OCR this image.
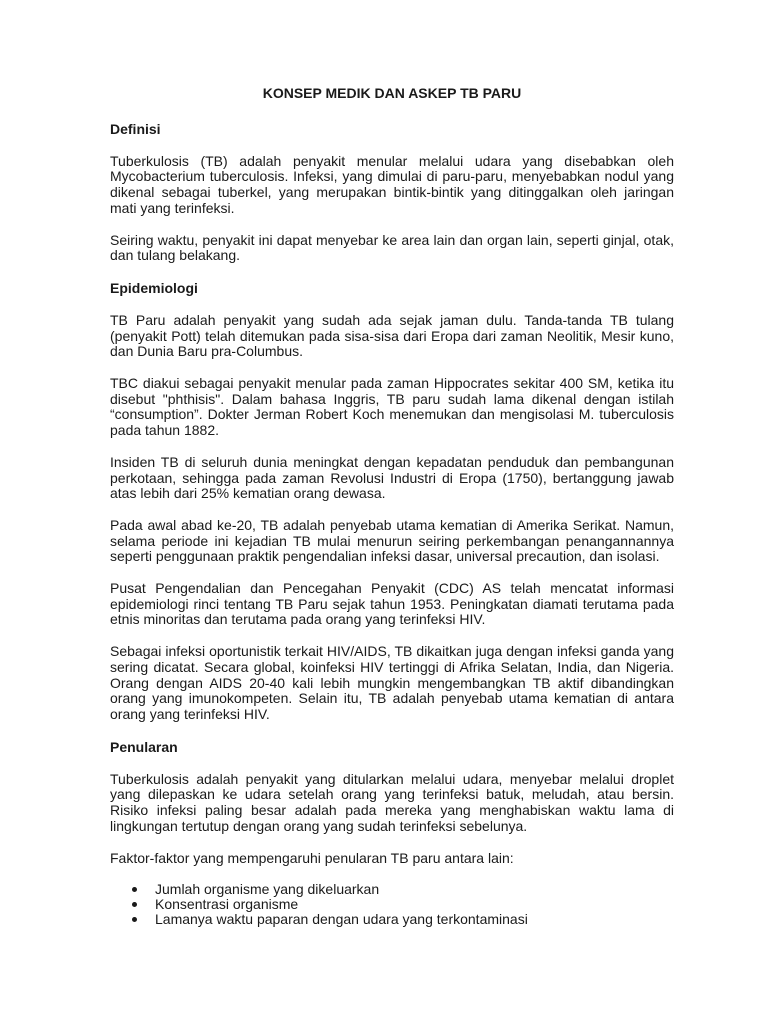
KONSEP MEDIK DAN ASKEP TB PARU
Definisi

Tuberkulosis (TB) adalah penyakit menular melalui udara yang disebabkan oleh Mycobacterium tuberculosis. Infeksi, yang dimulai di paru-paru, menyebabkan nodul yang dikenal sebagai tuberkel, yang merupakan bintik-bintik yang ditinggalkan oleh jaringan mati yang terinfeksi.

Seiring waktu, penyakit ini dapat menyebar ke area lain dan organ lain, seperti ginjal, otak, dan tulang belakang.

Epidemiologi

TB Paru adalah penyakit yang sudah ada sejak jaman dulu. Tanda-tanda TB tulang (penyakit Pott) telah ditemukan pada sisa-sisa dari Eropa dari zaman Neolitik, Mesir kuno, dan Dunia Baru pra-Columbus.

TBC diakui sebagai penyakit menular pada zaman Hippocrates sekitar 400 SM, ketika itu disebut "phthisis". Dalam bahasa Inggris, TB paru sudah lama dikenal dengan istilah “consumption”. Dokter Jerman Robert Koch menemukan dan mengisolasi M. tuberculosis pada tahun 1882.

Insiden TB di seluruh dunia meningkat dengan kepadatan penduduk dan pembangunan perkotaan, sehingga pada zaman Revolusi Industri di Eropa (1750), bertanggung jawab atas lebih dari 25% kematian orang dewasa.

Pada awal abad ke-20, TB adalah penyebab utama kematian di Amerika Serikat. Namun, selama periode ini kejadian TB mulai menurun seiring perkembangan penangannannya seperti penggunaan praktik pengendalian infeksi dasar, universal precaution, dan isolasi.

Pusat Pengendalian dan Pencegahan Penyakit (CDC) AS telah mencatat informasi epidemiologi rinci tentang TB Paru sejak tahun 1953. Peningkatan diamati terutama pada etnis minoritas dan terutama pada orang yang terinfeksi HIV.

Sebagai infeksi oportunistik terkait HIV/AIDS, TB dikaitkan juga dengan infeksi ganda yang sering dicatat. Secara global, koinfeksi HIV tertinggi di Afrika Selatan, India, dan Nigeria. Orang dengan AIDS 20-40 kali lebih mungkin mengembangkan TB aktif dibandingkan orang yang imunokompeten. Selain itu, TB adalah penyebab utama kematian di antara orang yang terinfeksi HIV.

Penularan

Tuberkulosis adalah penyakit yang ditularkan melalui udara, menyebar melalui droplet yang dilepaskan ke udara setelah orang yang terinfeksi batuk, meludah, atau bersin. Risiko infeksi paling besar adalah pada mereka yang menghabiskan waktu lama di lingkungan tertutup dengan orang yang sudah terinfeksi sebelunya.

Faktor-faktor yang mempengaruhi penularan TB paru antara lain:

Jumlah organisme yang dikeluarkan
Konsentrasi organisme
Lamanya waktu paparan dengan udara yang terkontaminasi
